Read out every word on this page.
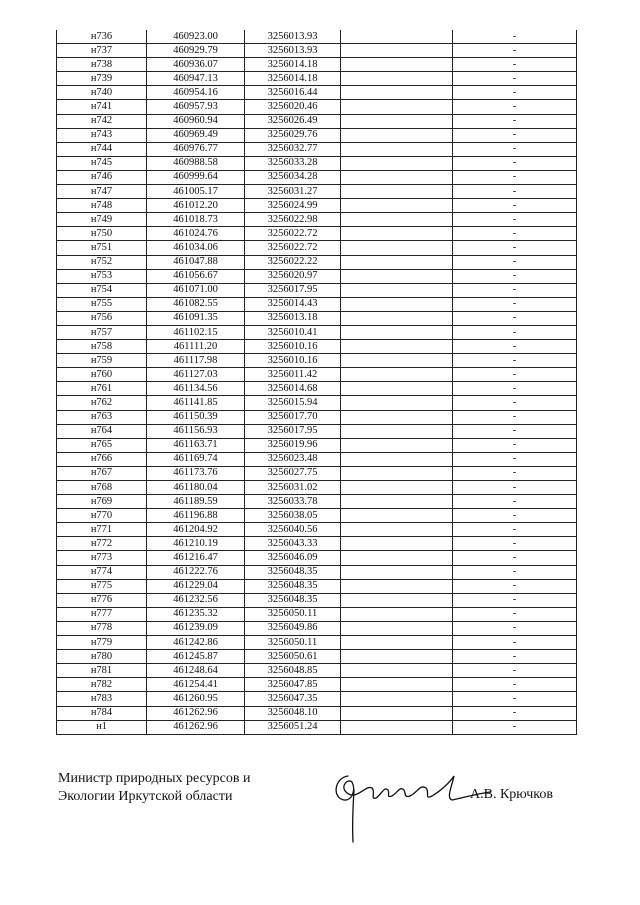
н736	460923.00	3256013.93		-
н737	460929.79	3256013.93		-
н738	460936.07	3256014.18		-
н739	460947.13	3256014.18		-
н740	460954.16	3256016.44		-
н741	460957.93	3256020.46		-
н742	460960.94	3256026.49		-
н743	460969.49	3256029.76		-
н744	460976.77	3256032.77		-
н745	460988.58	3256033.28		-
н746	460999.64	3256034.28		-
н747	461005.17	3256031.27		-
н748	461012.20	3256024.99		-
н749	461018.73	3256022.98		-
н750	461024.76	3256022.72		-
н751	461034.06	3256022.72		-
н752	461047.88	3256022.22		-
н753	461056.67	3256020.97		-
н754	461071.00	3256017.95		-
н755	461082.55	3256014.43		-
н756	461091.35	3256013.18		-
н757	461102.15	3256010.41		-
н758	461111.20	3256010.16		-
н759	461117.98	3256010.16		-
н760	461127.03	3256011.42		-
н761	461134.56	3256014.68		-
н762	461141.85	3256015.94		-
н763	461150.39	3256017.70		-
н764	461156.93	3256017.95		-
н765	461163.71	3256019.96		-
н766	461169.74	3256023.48		-
н767	461173.76	3256027.75		-
н768	461180.04	3256031.02		-
н769	461189.59	3256033.78		-
н770	461196.88	3256038.05		-
н771	461204.92	3256040.56		-
н772	461210.19	3256043.33		-
н773	461216.47	3256046.09		-
н774	461222.76	3256048.35		-
н775	461229.04	3256048.35		-
н776	461232.56	3256048.35		-
н777	461235.32	3256050.11		-
н778	461239.09	3256049.86		-
н779	461242.86	3256050.11		-
н780	461245.87	3256050.61		-
н781	461248.64	3256048.85		-
н782	461254.41	3256047.85		-
н783	461260.95	3256047.35		-
н784	461262.96	3256048.10		-
н1	461262.96	3256051.24		-
Министр природных ресурсов и
Экологии Иркутской области	А.В. Крючков
